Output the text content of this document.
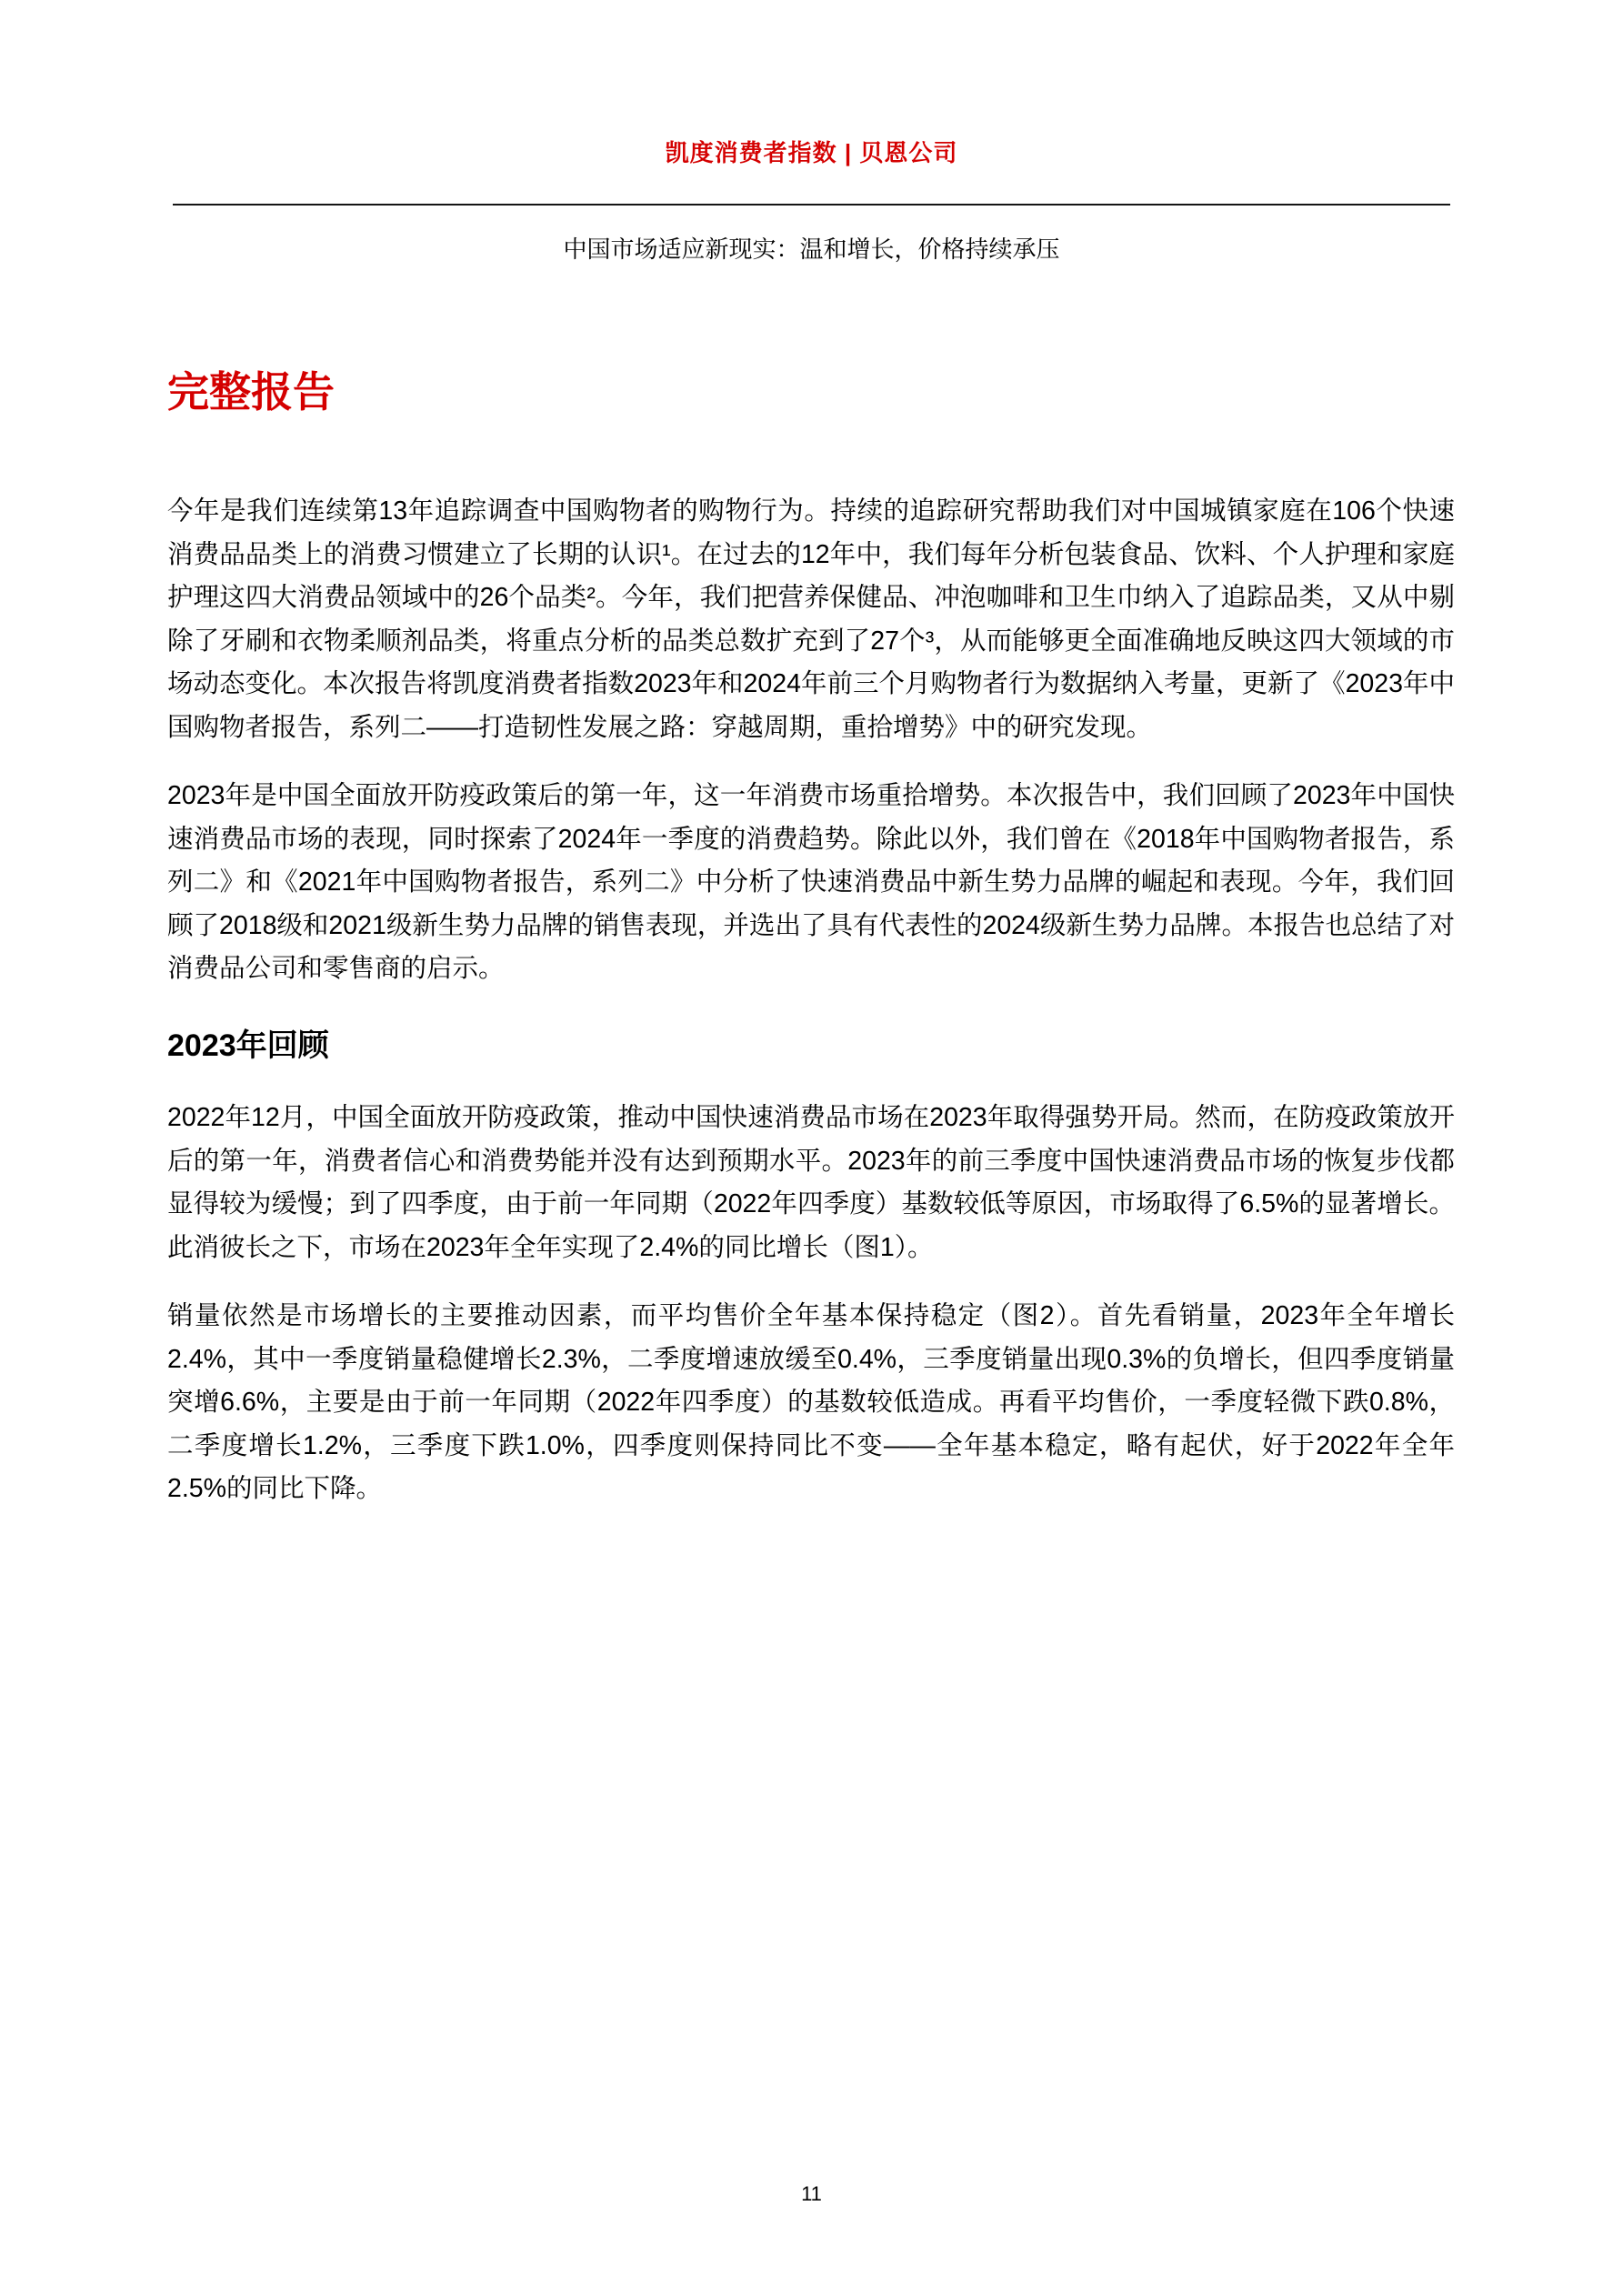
凯度消费者指数 | 贝恩公司
中国市场适应新现实：温和增长，价格持续承压
完整报告

今年是我们连续第13年追踪调查中国购物者的购物行为。持续的追踪研究帮助我们对中国城镇家庭在106个快速消费品品类上的消费习惯建立了长期的认识¹。在过去的12年中，我们每年分析包装食品、饮料、个人护理和家庭护理这四大消费品领域中的26个品类²。今年，我们把营养保健品、冲泡咖啡和卫生巾纳入了追踪品类，又从中剔除了牙刷和衣物柔顺剂品类，将重点分析的品类总数扩充到了27个³，从而能够更全面准确地反映这四大领域的市场动态变化。本次报告将凯度消费者指数2023年和2024年前三个月购物者行为数据纳入考量，更新了《2023年中国购物者报告，系列二——打造韧性发展之路：穿越周期，重拾增势》中的研究发现。

2023年是中国全面放开防疫政策后的第一年，这一年消费市场重拾增势。本次报告中，我们回顾了2023年中国快速消费品市场的表现，同时探索了2024年一季度的消费趋势。除此以外，我们曾在《2018年中国购物者报告，系列二》和《2021年中国购物者报告，系列二》中分析了快速消费品中新生势力品牌的崛起和表现。今年，我们回顾了2018级和2021级新生势力品牌的销售表现，并选出了具有代表性的2024级新生势力品牌。本报告也总结了对消费品公司和零售商的启示。

2023年回顾

2022年12月，中国全面放开防疫政策，推动中国快速消费品市场在2023年取得强势开局。然而，在防疫政策放开后的第一年，消费者信心和消费势能并没有达到预期水平。2023年的前三季度中国快速消费品市场的恢复步伐都显得较为缓慢；到了四季度，由于前一年同期（2022年四季度）基数较低等原因，市场取得了6.5%的显著增长。此消彼长之下，市场在2023年全年实现了2.4%的同比增长（图1）。

销量依然是市场增长的主要推动因素，而平均售价全年基本保持稳定（图2）。首先看销量，2023年全年增长2.4%，其中一季度销量稳健增长2.3%，二季度增速放缓至0.4%，三季度销量出现0.3%的负增长，但四季度销量突增6.6%，主要是由于前一年同期（2022年四季度）的基数较低造成。再看平均售价，一季度轻微下跌0.8%，二季度增长1.2%，三季度下跌1.0%，四季度则保持同比不变——全年基本稳定，略有起伏，好于2022年全年2.5%的同比下降。

11
